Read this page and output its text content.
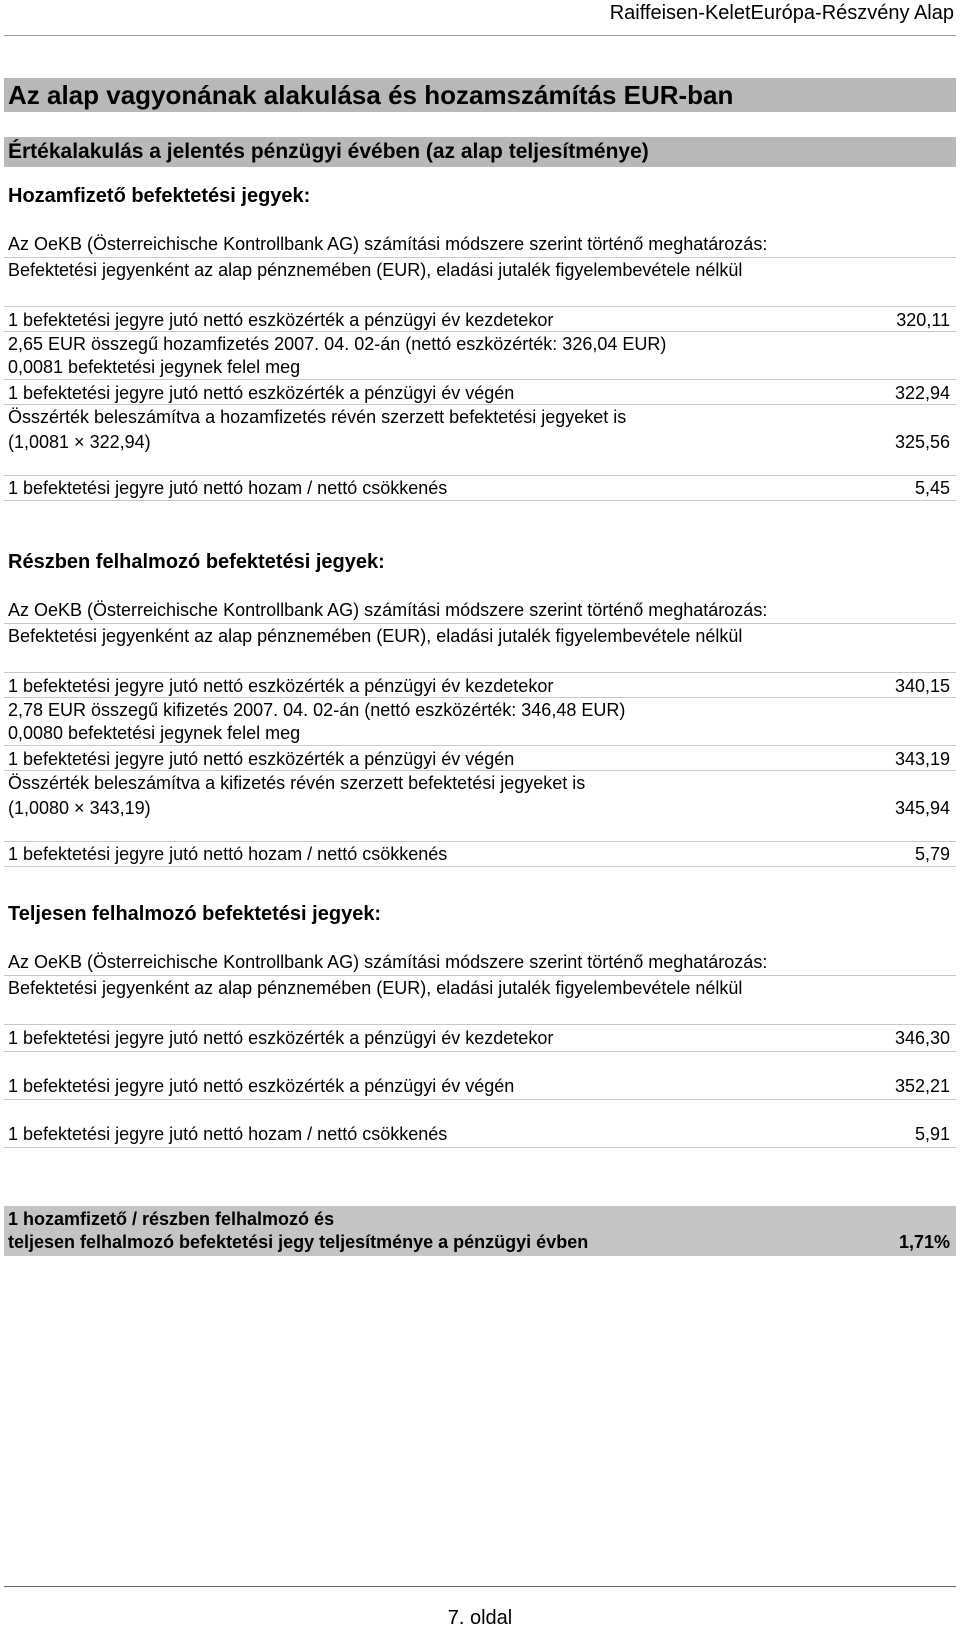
Raiffeisen-KeletEurópa-Részvény Alap
Az alap vagyonának alakulása és hozamszámítás EUR-ban
Értékalakulás a jelentés pénzügyi évében (az alap teljesítménye)
Hozamfizető befektetési jegyek:
Az OeKB (Österreichische Kontrollbank AG) számítási módszere szerint történő meghatározás:
Befektetési jegyenként az alap pénznemében (EUR), eladási jutalék figyelembevétele nélkül
1 befektetési jegyre jutó nettó eszközérték a pénzügyi év kezdetekor	320,11
2,65 EUR összegű hozamfizetés 2007. 04. 02-án (nettó eszközérték: 326,04 EUR)
0,0081 befektetési jegynek felel meg
1 befektetési jegyre jutó nettó eszközérték a pénzügyi év végén	322,94
Összérték beleszámítva a hozamfizetés révén szerzett befektetési jegyeket is
(1,0081 × 322,94)	325,56
1 befektetési jegyre jutó nettó hozam / nettó csökkenés	5,45
Részben felhalmozó befektetési jegyek:
Az OeKB (Österreichische Kontrollbank AG) számítási módszere szerint történő meghatározás:
Befektetési jegyenként az alap pénznemében (EUR), eladási jutalék figyelembevétele nélkül
1 befektetési jegyre jutó nettó eszközérték a pénzügyi év kezdetekor	340,15
2,78 EUR összegű kifizetés 2007. 04. 02-án (nettó eszközérték: 346,48 EUR)
0,0080 befektetési jegynek felel meg
1 befektetési jegyre jutó nettó eszközérték a pénzügyi év végén	343,19
Összérték beleszámítva a kifizetés révén szerzett befektetési jegyeket is
(1,0080 × 343,19)	345,94
1 befektetési jegyre jutó nettó hozam / nettó csökkenés	5,79
Teljesen felhalmozó befektetési jegyek:
Az OeKB (Österreichische Kontrollbank AG) számítási módszere szerint történő meghatározás:
Befektetési jegyenként az alap pénznemében (EUR), eladási jutalék figyelembevétele nélkül
1 befektetési jegyre jutó nettó eszközérték a pénzügyi év kezdetekor	346,30
1 befektetési jegyre jutó nettó eszközérték a pénzügyi év végén	352,21
1 befektetési jegyre jutó nettó hozam / nettó csökkenés	5,91
1 hozamfizető / részben felhalmozó és
teljesen felhalmozó befektetési jegy teljesítménye a pénzügyi évben	1,71%
7. oldal
